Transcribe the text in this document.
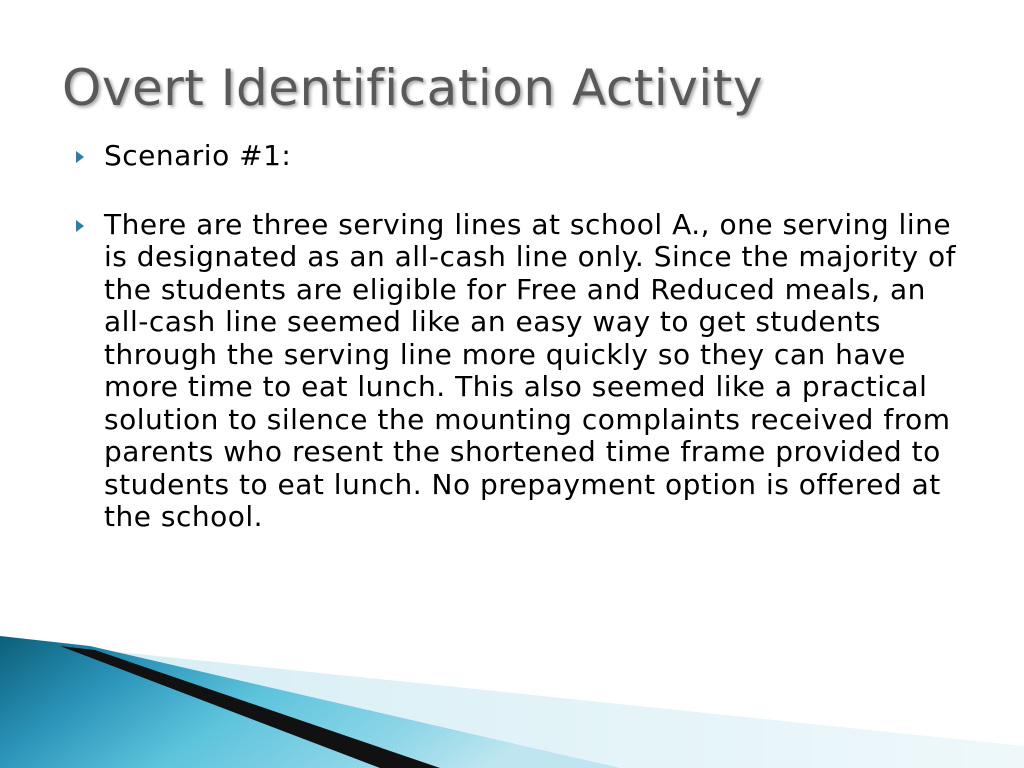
Overt Identification Activity
Scenario #1:
There are three serving lines at school A., one serving line is designated as an all-cash line only. Since the majority of the students are eligible for Free and Reduced meals, an all-cash line seemed like an easy way to get students through the serving line more quickly so they can have more time to eat lunch. This also seemed like a practical solution to silence the mounting complaints received from parents who resent the shortened time frame provided to students to eat lunch. No prepayment option is offered at the school.
